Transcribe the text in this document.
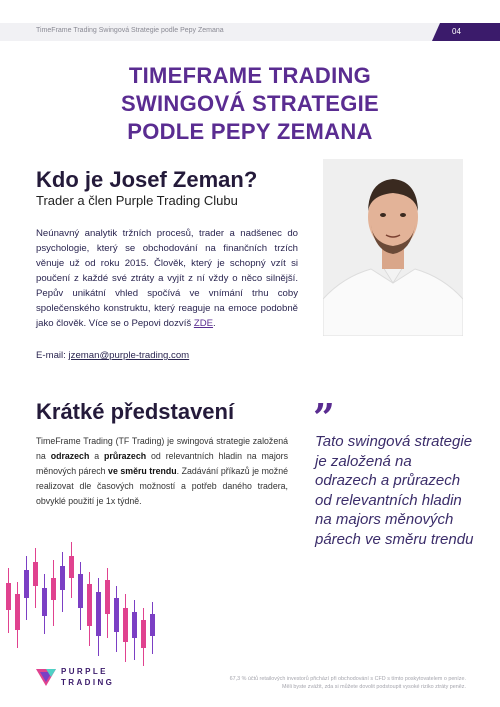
TimeFrame Trading Swingová Strategie podle Pepy Zemana	04
TIMEFRAME TRADING
SWINGOVÁ STRATEGIE
PODLE PEPY ZEMANA
Kdo je Josef Zeman?
Trader a člen Purple Trading Clubu

Neúnavný analytik tržních procesů, trader a nadšenec do psychologie, který se obchodování na finančních trzích věnuje už od roku 2015. Člověk, který je schopný vzít si poučení z každé své ztráty a vyjít z ní vždy o něco silnější. Pepův unikátní vhled spočívá ve vnímání trhu coby společenského konstruktu, který reaguje na emoce podobně jako člověk. Více se o Pepovi dozvíš ZDE.

E-mail: jzeman@purple-trading.com
Krátké představení

TimeFrame Trading (TF Trading) je swingová strategie založená na odrazech a průrazech od relevantních hladin na majors měnových párech ve směru trendu. Zadávání příkazů je možné realizovat dle časových možností a potřeb daného tradera, obvyklé použití je 1x týdně.

”

Tato swingová strategie je založená na odrazech a průrazech od relevantních hladin na majors měnových párech ve směru trendu

PURPLE
TRADING	67,3 % účtů retailových investorů přichází při obchodování s CFD s tímto poskytovatelem o peníze.
Měli byste zvážit, zda si můžete dovolit podstoupit vysoké riziko ztráty peněz.
